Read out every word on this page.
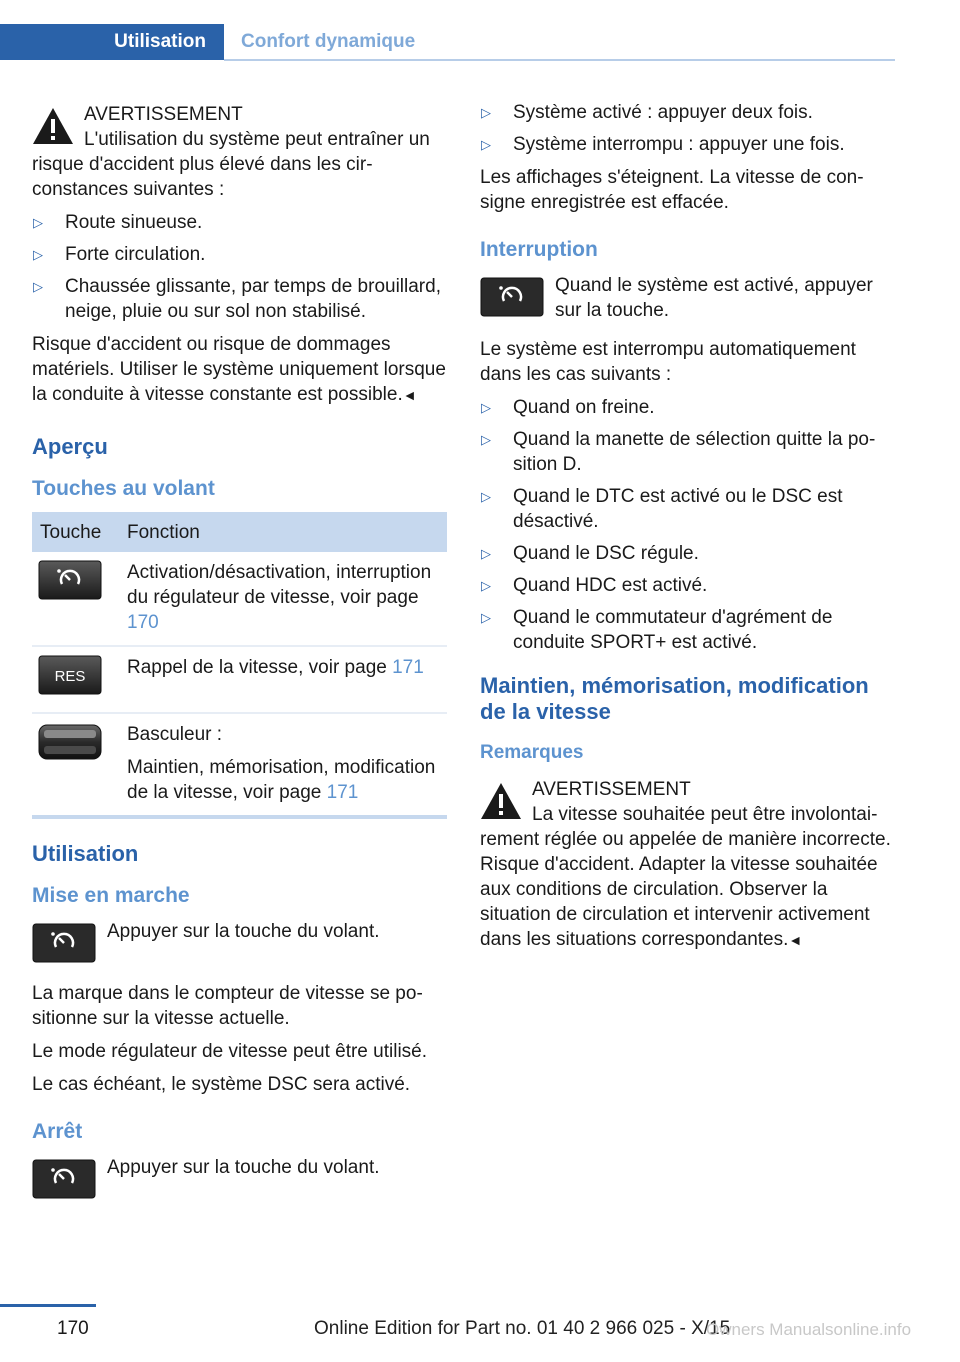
Utilisation	Confort dynamique
AVERTISSEMENT

L'utilisation du système peut entraîner un risque d'accident plus élevé dans les circonstances suivantes :

▷ Route sinueuse.
▷ Forte circulation.
▷ Chaussée glissante, par temps de brouillard, neige, pluie ou sur sol non stabilisé.

Risque d'accident ou risque de dommages matériels. Utiliser le système uniquement lorsque la conduite à vitesse constante est possible.◄

Aperçu
Touches au volant
Touche	Fonction
	Activation/désactivation, interruption du régulateur de vitesse, voir page 170

RES	Rappel de la vitesse, voir page 171

Basculeur :

Maintien, mémorisation, modification de la vitesse, voir page 171
Utilisation
Mise en marche
Appuyer sur la touche du volant.

La marque dans le compteur de vitesse se positionne sur la vitesse actuelle.

Le mode régulateur de vitesse peut être utilisé.

Le cas échéant, le système DSC sera activé.

Arrêt
Appuyer sur la touche du volant.
▷ Système activé : appuyer deux fois.
▷ Système interrompu : appuyer une fois.

Les affichages s'éteignent. La vitesse de consigne enregistrée est effacée.

Interruption
Quand le système est activé, appuyer sur la touche.

Le système est interrompu automatiquement dans les cas suivants :

▷ Quand on freine.
▷ Quand la manette de sélection quitte la position D.
▷ Quand le DTC est activé ou le DSC est désactivé.
▷ Quand le DSC régule.
▷ Quand HDC est activé.
▷ Quand le commutateur d'agrément de conduite SPORT+ est activé.
Maintien, mémorisation, modification de la vitesse
Remarques
AVERTISSEMENT

La vitesse souhaitée peut être involontairement réglée ou appelée de manière incorrecte. Risque d'accident. Adapter la vitesse souhaitée aux conditions de circulation. Observer la situation de circulation et intervenir activement dans les situations correspondantes.◄

170	Online Edition for Part no. 01 40 2 966 025 - X/15
Owners Manualsonline.info
